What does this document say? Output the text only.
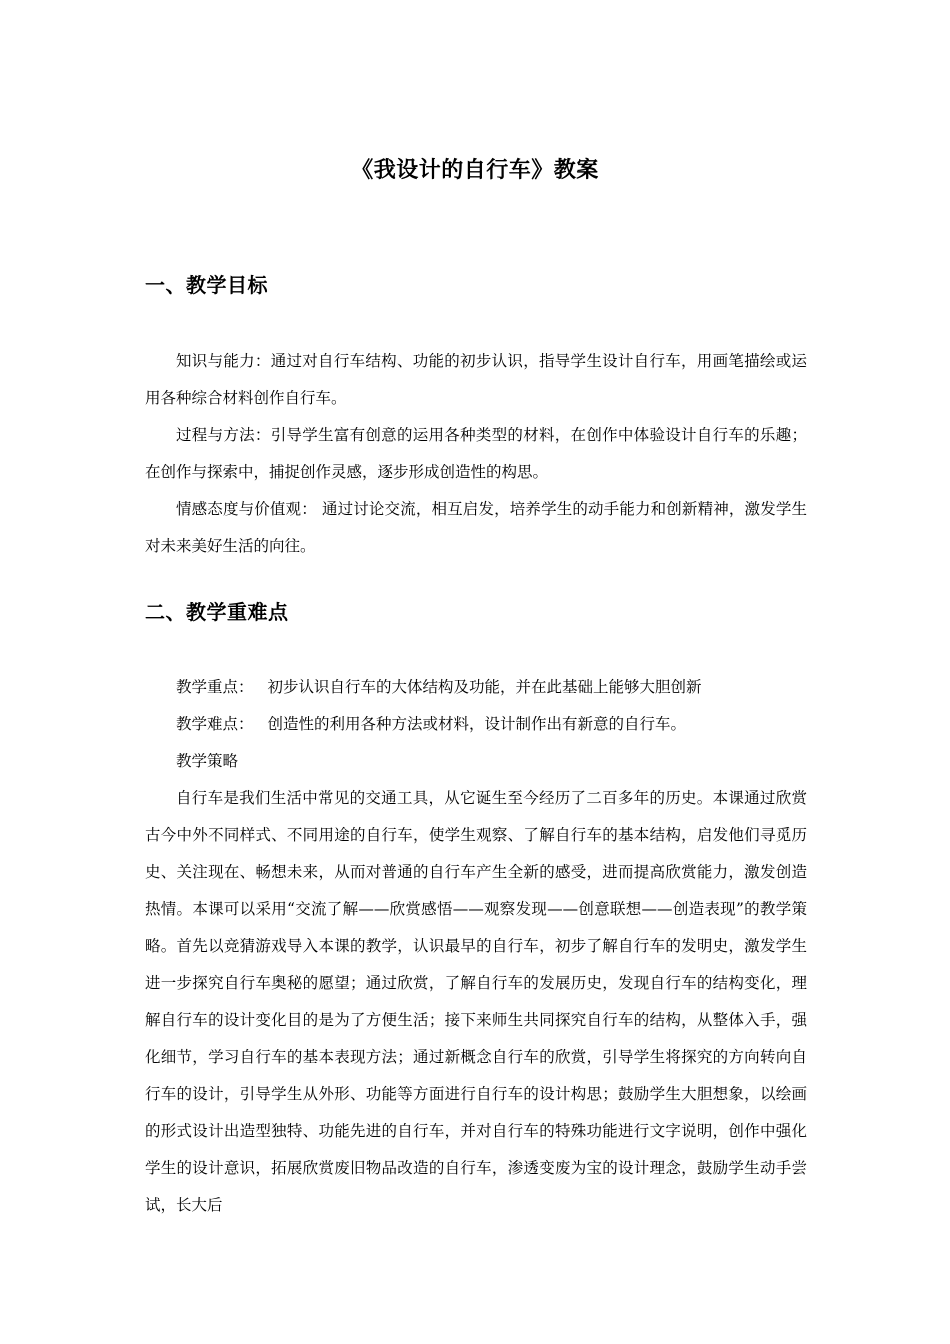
《我设计的自行车》教案
一、教学目标

知识与能力：通过对自行车结构、功能的初步认识，指导学生设计自行车，用画笔描绘或运用各种综合材料创作自行车。

过程与方法：引导学生富有创意的运用各种类型的材料，在创作中体验设计自行车的乐趣；在创作与探索中，捕捉创作灵感，逐步形成创造性的构思。

情感态度与价值观： 通过讨论交流，相互启发，培养学生的动手能力和创新精神，激发学生对未来美好生活的向往。

二、教学重难点

教学重点： 初步认识自行车的大体结构及功能，并在此基础上能够大胆创新

教学难点： 创造性的利用各种方法或材料，设计制作出有新意的自行车。

教学策略

自行车是我们生活中常见的交通工具，从它诞生至今经历了二百多年的历史。本课通过欣赏古今中外不同样式、不同用途的自行车，使学生观察、了解自行车的基本结构，启发他们寻觅历史、关注现在、畅想未来，从而对普通的自行车产生全新的感受，进而提高欣赏能力，激发创造热情。本课可以采用“交流了解——欣赏感悟——观察发现——创意联想——创造表现”的教学策略。首先以竞猜游戏导入本课的教学，认识最早的自行车，初步了解自行车的发明史，激发学生进一步探究自行车奥秘的愿望；通过欣赏，了解自行车的发展历史，发现自行车的结构变化，理解自行车的设计变化目的是为了方便生活；接下来师生共同探究自行车的结构，从整体入手，强化细节，学习自行车的基本表现方法；通过新概念自行车的欣赏，引导学生将探究的方向转向自行车的设计，引导学生从外形、功能等方面进行自行车的设计构思；鼓励学生大胆想象，以绘画的形式设计出造型独特、功能先进的自行车，并对自行车的特殊功能进行文字说明，创作中强化学生的设计意识，拓展欣赏废旧物品改造的自行车，渗透变废为宝的设计理念，鼓励学生动手尝试，长大后
